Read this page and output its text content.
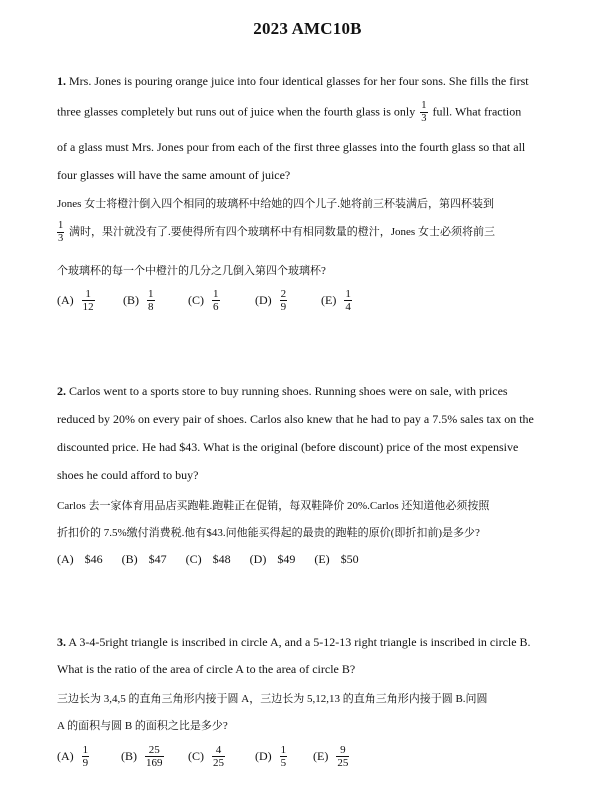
2023 AMC10B
1. Mrs. Jones is pouring orange juice into four identical glasses for her four sons. She fills the first
three glasses completely but runs out of juice when the fourth glass is only $\frac{1}{3}$ full. What fraction
of a glass must Mrs. Jones pour from each of the first three glasses into the fourth glass so that all
four glasses will have the same amount of juice?
Jones 女士将橙汁倒入四个相同的玻璃杯中给她的四个儿子.她将前三杯装满后，第四杯装到
$\frac{1}{3}$ 满时，果汁就没有了.要使得所有四个玻璃杯中有相同数量的橙汁，Jones 女士必须将前三
个玻璃杯的每一个中橙汁的几分之几倒入第四个玻璃杯?
$(A) \frac{1}{12} (B) \frac{1}{8}$	$(C) \frac{1}{6}$	$(D) \frac{2}{9}$	$(E) \frac{1}{4}$
2. Carlos went to a sports store to buy running shoes. Running shoes were on sale, with prices
reduced by 20% on every pair of shoes. Carlos also knew that he had to pay a 7.5% sales tax on the
discounted price. He had $43. What is the original (before discount) price of the most expensive
shoes he could afford to buy?
Carlos 去一家体育用品店买跑鞋.跑鞋正在促销，每双鞋降价 20%.Carlos 还知道他必须按照
折扣价的 7.5%缴付消费税.他有$43.问他能买得起的最贵的跑鞋的原价(即折扣前)是多少?
(A) $46 (B) $47 (C) $48 (D) $49 (E) $50
3. A 3-4-5right triangle is inscribed in circle A, and a 5-12-13 right triangle is inscribed in circle B.
What is the ratio of the area of circle A to the area of circle B?
三边长为 3,4,5 的直角三角形内接于圆 A，三边长为 5,12,13 的直角三角形内接于圆 B.问圆
A 的面积与圆 B 的面积之比是多少?
$(A) \frac{1}{9}$	$(B) \frac{25}{169} (C) \frac{4}{25}$	$(D) \frac{1}{5} (E) \frac{9}{25}$
